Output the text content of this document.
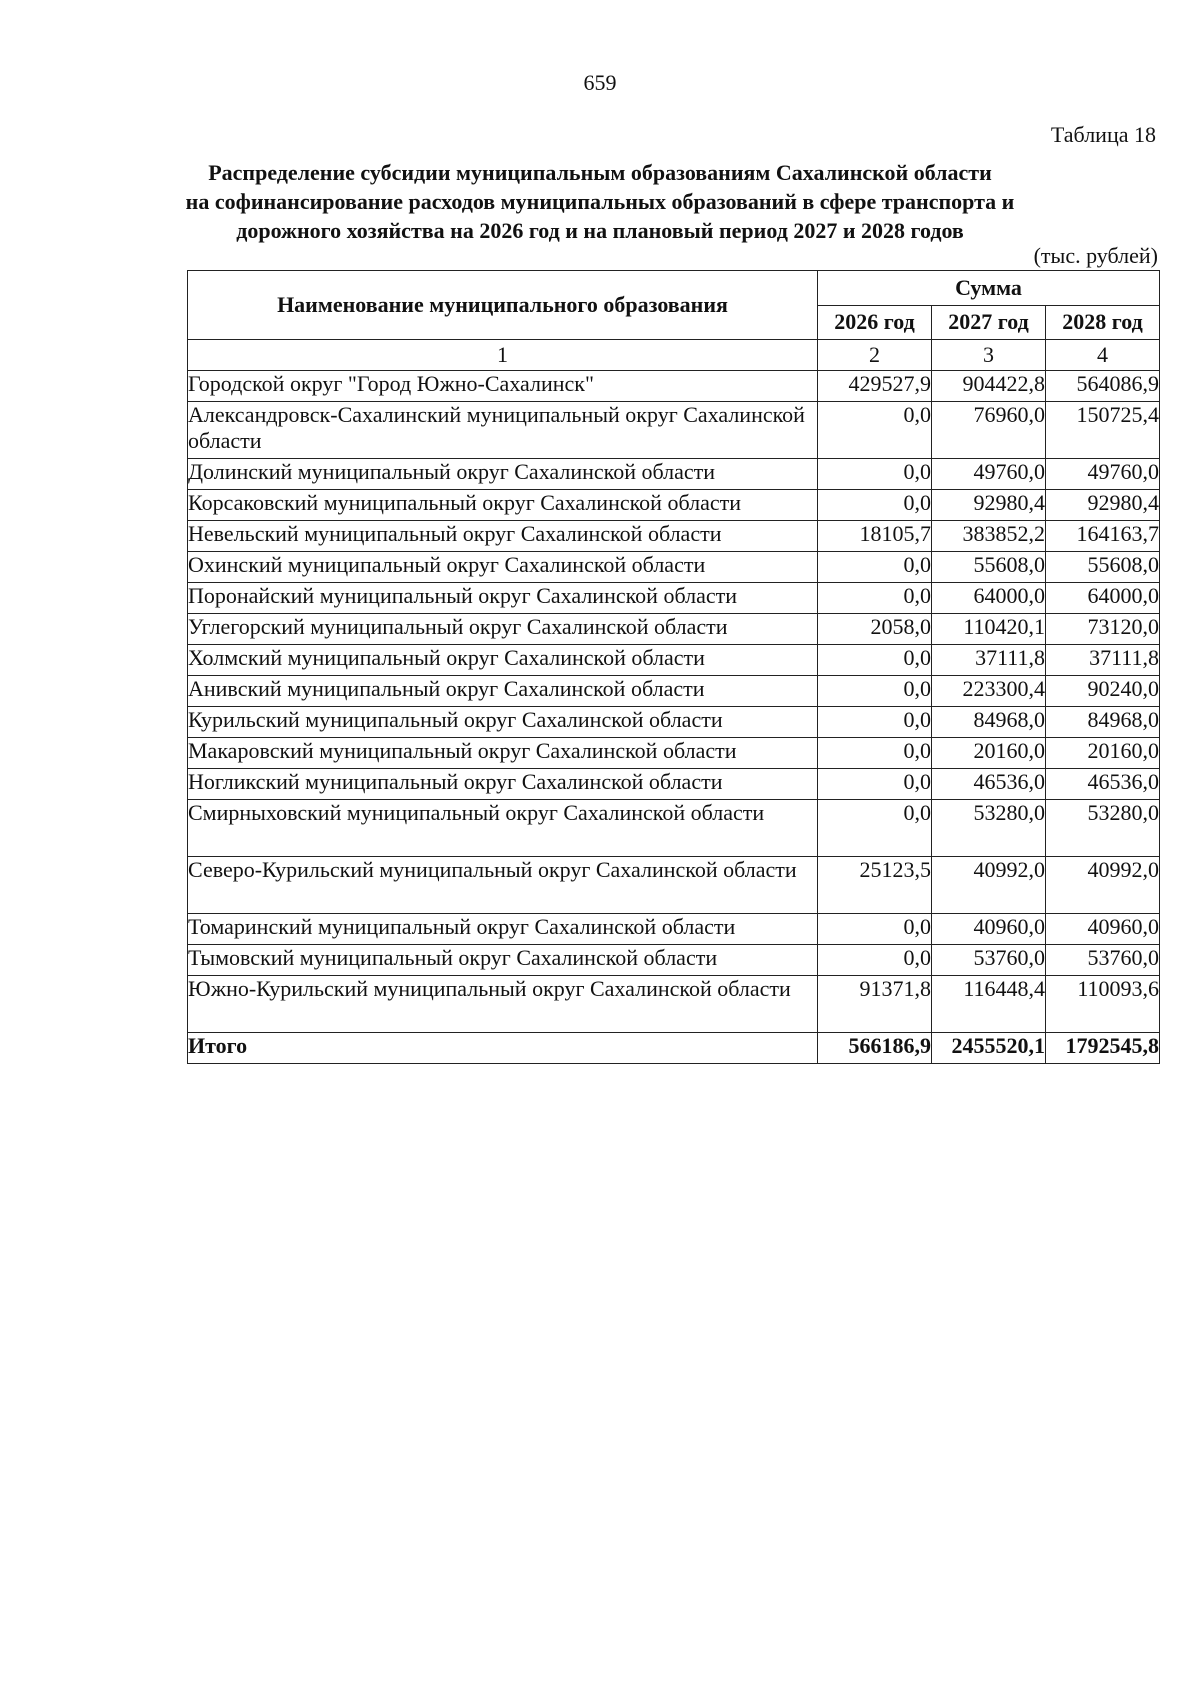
659
Таблица 18
Распределение субсидии муниципальным образованиям Сахалинской области
на софинансирование расходов муниципальных образований в сфере транспорта и
дорожного хозяйства на 2026 год и на плановый период 2027 и 2028 годов
(тыс. рублей)
Наименование муниципального образования	Сумма		
	2026 год	2027 год	2028 год
1	2	3	4
Городской округ "Город Южно-Сахалинск"	429527,9	904422,8	564086,9
Александровск-Сахалинский муниципальный округ Сахалинской области	0,0	76960,0	150725,4
Долинский муниципальный округ Сахалинской области	0,0	49760,0	49760,0
Корсаковский муниципальный округ Сахалинской области	0,0	92980,4	92980,4
Невельский муниципальный округ Сахалинской области	18105,7	383852,2	164163,7
Охинский муниципальный округ Сахалинской области	0,0	55608,0	55608,0
Поронайский муниципальный округ Сахалинской области	0,0	64000,0	64000,0
Углегорский муниципальный округ Сахалинской области	2058,0	110420,1	73120,0
Холмский муниципальный округ Сахалинской области	0,0	37111,8	37111,8
Анивский муниципальный округ Сахалинской области	0,0	223300,4	90240,0
Курильский муниципальный округ Сахалинской области	0,0	84968,0	84968,0
Макаровский муниципальный округ Сахалинской области	0,0	20160,0	20160,0
Ногликский муниципальный округ Сахалинской области	0,0	46536,0	46536,0
Смирныховский муниципальный округ Сахалинской области	0,0	53280,0	53280,0
Северо-Курильский муниципальный округ Сахалинской области	25123,5	40992,0	40992,0
Томаринский муниципальный округ Сахалинской области	0,0	40960,0	40960,0
Тымовский муниципальный округ Сахалинской области	0,0	53760,0	53760,0
Южно-Курильский муниципальный округ Сахалинской области	91371,8	116448,4	110093,6
Итого	566186,9	2455520,1	1792545,8
